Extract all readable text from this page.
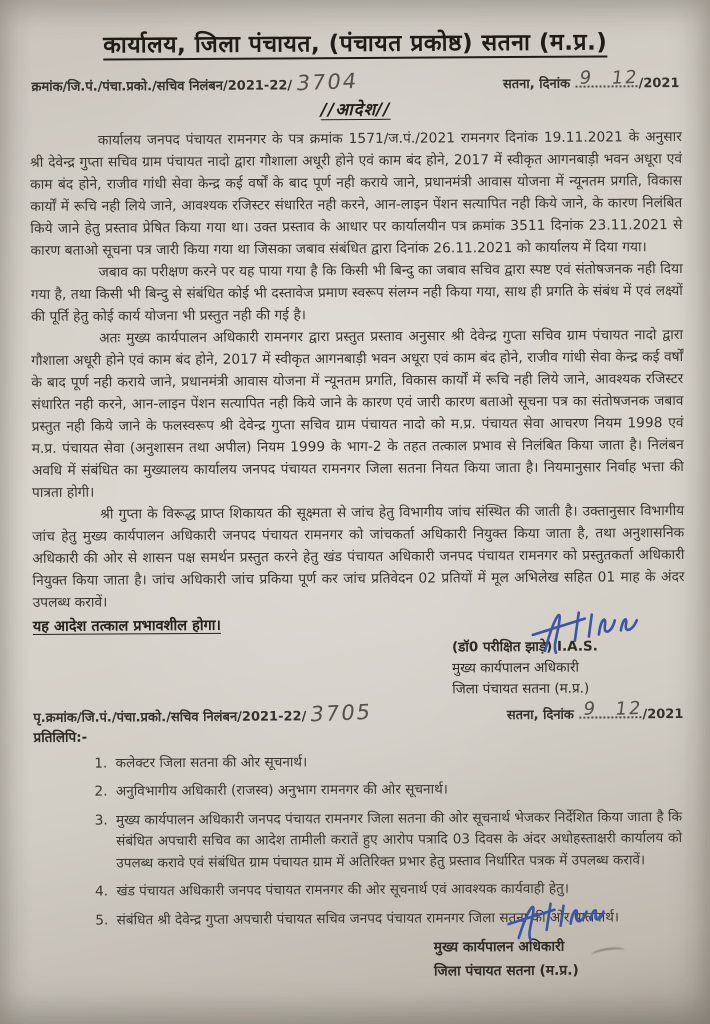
कार्यालय, जिला पंचायत, (पंचायत प्रकोष्ठ) सतना (म.प्र.)
क्रमांक/जि.पं./पंचा.प्रको./सचिव निलंबन/2021-22/ 3704	सतना, दिनांक 9 12
/2021
//आदेश//

कार्यालय जनपद पंचायत रामनगर के पत्र क्रमांक 1571/ज.पं./2021 रामनगर दिनांक 19.11.2021 के अनुसार श्री देवेन्द्र गुप्ता सचिव ग्राम पंचायत नादो द्वारा गौशाला अधूरी होने एवं काम बंद होने, 2017 में स्वीकृत आगनबाड़ी भवन अधूरा एवं काम बंद होने, राजीव गांधी सेवा केन्द्र कई वर्षों के बाद पूर्ण नही कराये जाने, प्रधानमंत्री आवास योजना में न्यूनतम प्रगति, विकास कार्यों में रूचि नही लिये जाने, आवश्यक रजिस्टर संधारित नही करने, आन-लाइन पेंशन सत्यापित नही किये जाने, के कारण निलंबित किये जाने हेतु प्रस्ताव प्रेषित किया गया था। उक्त प्रस्ताव के आधार पर कार्यालयीन पत्र क्रमांक 3511 दिनांक 23.11.2021 से कारण बताओ सूचना पत्र जारी किया गया था जिसका जबाव संबंधित द्वारा दिनांक 26.11.2021 को कार्यालय में दिया गया।

जबाव का परीक्षण करने पर यह पाया गया है कि किसी भी बिन्दु का जबाव सचिव द्वारा स्पष्ट एवं संतोषजनक नही दिया गया है, तथा किसी भी बिन्दु से संबंधित कोई भी दस्तावेज प्रमाण स्वरूप संलग्न नही किया गया, साथ ही प्रगति के संबंध में एवं लक्ष्यों की पूर्ति हेतु कोई कार्य योजना भी प्रस्तुत नही की गई है।

अतः मुख्य कार्यपालन अधिकारी रामनगर द्वारा प्रस्तुत प्रस्ताव अनुसार श्री देवेन्द्र गुप्ता सचिव ग्राम पंचायत नादो द्वारा गौशाला अधूरी होने एवं काम बंद होने, 2017 में स्वीकृत आगनबाड़ी भवन अधूरा एवं काम बंद होने, राजीव गांधी सेवा केन्द्र कई वर्षों के बाद पूर्ण नही कराये जाने, प्रधानमंत्री आवास योजना में न्यूनतम प्रगति, विकास कार्यों में रूचि नही लिये जाने, आवश्यक रजिस्टर संधारित नही करने, आन-लाइन पेंशन सत्यापित नही किये जाने के कारण एवं जारी कारण बताओ सूचना पत्र का संतोषजनक जबाव प्रस्तुत नही किये जाने के फलस्वरूप श्री देवेन्द्र गुप्ता सचिव ग्राम पंचायत नादो को म.प्र. पंचायत सेवा आचरण नियम 1998 एवं म.प्र. पंचायत सेवा (अनुशासन तथा अपील) नियम 1999 के भाग-2 के तहत तत्काल प्रभाव से निलंबित किया जाता है। निलंबन अवधि में संबंधित का मुख्यालय कार्यालय जनपद पंचायत रामनगर जिला सतना नियत किया जाता है। नियमानुसार निर्वाह भत्ता की पात्रता होगी।

श्री गुप्ता के विरूद्ध प्राप्त शिकायत की सूक्ष्मता से जांच हेतु विभागीय जांच संस्थित की जाती है। उक्तानुसार विभागीय जांच हेतु मुख्य कार्यपालन अधिकारी जनपद पंचायत रामनगर को जांचकर्ता अधिकारी नियुक्त किया जाता है, तथा अनुशासनिक अधिकारी की ओर से शासन पक्ष समर्थन प्रस्तुत करने हेतु खंड पंचायत अधिकारी जनपद पंचायत रामनगर को प्रस्तुतकर्ता अधिकारी नियुक्त किया जाता है। जांच अधिकारी जांच प्रकिया पूर्ण कर जांच प्रतिवेदन 02 प्रतियों में मूल अभिलेख सहित 01 माह के अंदर उपलब्ध करावें।

यह आदेश तत्काल प्रभावशील होगा।

(डॉ0 परीक्षित झाड़े) I.A.S.
मुख्य कार्यपालन अधिकारी
जिला पंचायत सतना (म.प्र.)
पृ.क्रमांक/जि.पं./पंचा.प्रको./सचिव निलंबन/2021-22/ 3705	सतना, दिनांक 9 12
/2021
प्रतिलिपि:-
1. कलेक्टर जिला सतना की ओर सूचनार्थ।
2. अनुविभागीय अधिकारी (राजस्व) अनुभाग रामनगर की ओर सूचनार्थ।
3. मुख्य कार्यपालन अधिकारी जनपद पंचायत रामनगर जिला सतना की ओर सूचनार्थ भेजकर निर्देशित किया जाता है कि संबंधित अपचारी सचिव का आदेश तामीली करातें हुए आरोप पत्रादि 03 दिवस के अंदर अधोहस्ताक्षरी कार्यालय को उपलब्ध करावे एवं संबंधित ग्राम पंचायत ग्राम में अतिरिक्त प्रभार हेतु प्रस्ताव निर्धारित पत्रक में उपलब्ध करावें।
4. खंड पंचायत अधिकारी जनपद पंचायत रामनगर की ओर सूचनार्थ एवं आवश्यक कार्यवाही हेतु।
5. संबंधित श्री देवेन्द्र गुप्ता अपचारी पंचायत सचिव जनपद पंचायत रामनगर जिला सतना की ओर पालनार्थ।
मुख्य कार्यपालन अधिकारी
जिला पंचायत सतना (म.प्र.)
